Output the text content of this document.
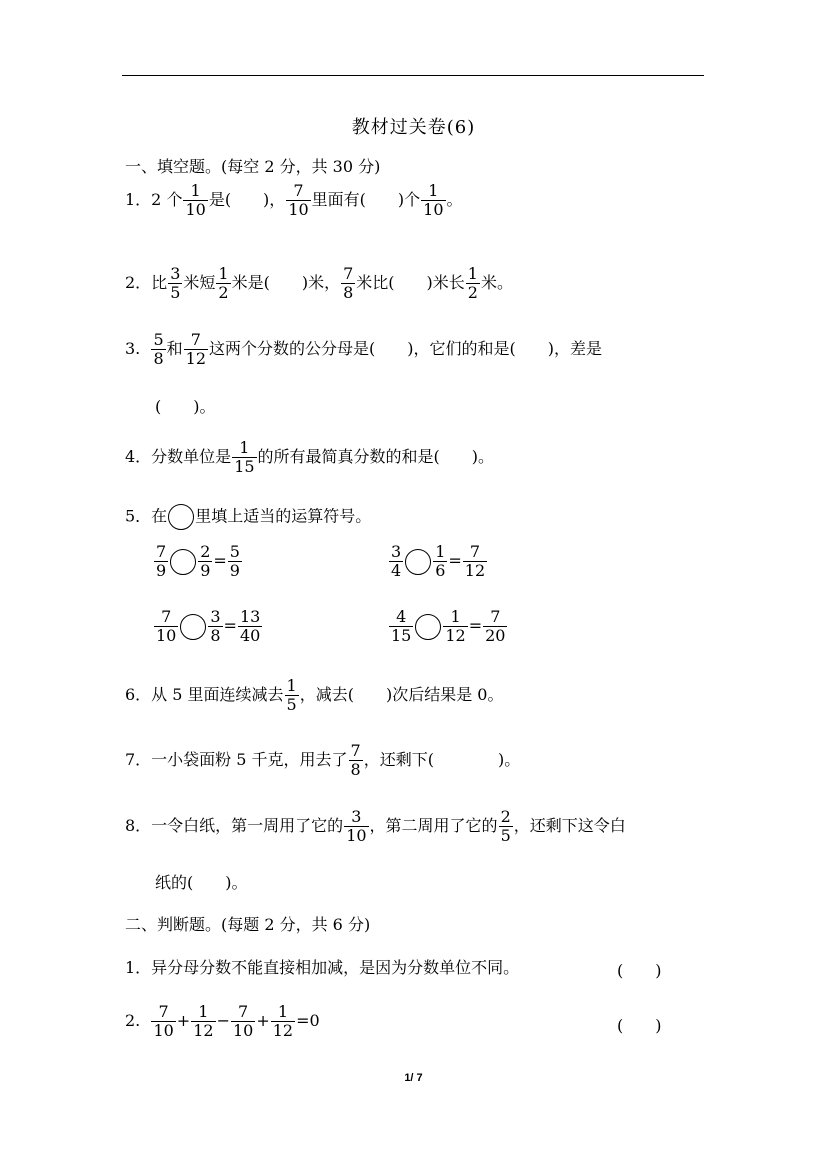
教材过关卷(6)
一、填空题。(每空 2 分，共 30 分)
1．2 个 $\frac{1}{10}$ 是(　　)， $\frac{7}{10}$ 里面有(　　)个 $\frac{1}{10}$ 。
2．比 $\frac{3}{5}$ 米短 $\frac{1}{2}$ 米是(　　)米， $\frac{7}{8}$ 米比(　　)米长 $\frac{1}{2}$ 米。
3. $\frac{5}{8}$ 和 $\frac{7}{12}$ 这两个分数的公分母是(　　)，它们的和是(　　)，差是
(　　)。
4．分数单位是 $\frac{1}{15}$ 的所有最简真分数的和是(　　)。
5．在 里填上适当的运算符号。
$\frac{7}{9} \frac{2}{9} = \frac{5}{9}$	$\frac{3}{4} \frac{1}{6} = \frac{7}{12}$
$\frac{7}{10} \frac{3}{8} = \frac{13}{40}$	$\frac{4}{15} \frac{1}{12} = \frac{7}{20}$
6．从 5 里面连续减去 $\frac{1}{5}$ ，减去(　　)次后结果是 0。
7．一小袋面粉 5 千克，用去了 $\frac{7}{8}$ ，还剩下(　　　　)。
8．一令白纸，第一周用了它的 $\frac{3}{10}$ ，第二周用了它的 $\frac{2}{5}$ ，还剩下这令白
纸的(　　)。
二、判断题。(每题 2 分，共 6 分)
1．异分母分数不能直接相加减，是因为分数单位不同。	(　　)
2. $\frac{7}{10} + \frac{1}{12} - \frac{7}{10} + \frac{1}{12} =0$	(　　)
1/ 7
